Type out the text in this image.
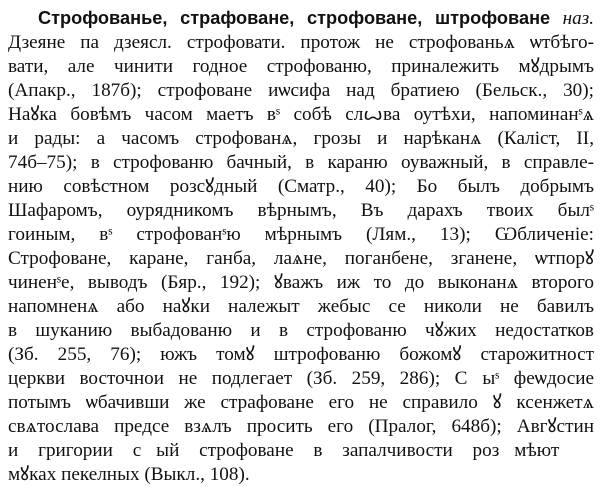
Строфованье, страфоване, строфоване, штрофоване наз.
Дзеяне па дзеясл. строфовати. протож не строфованьѧ ѡтбѣго-
вати, але чинити годное строфованю, приналежить мꙋдрымъ
(Апакр., 187б); строфоване иѡсифа над братиею (Бельск., 30);
Наꙋка бовѣмъ часом маетъ вˢ собѣ слꙍва оутѣхи, напоминанˢѧ
и рады: а часомъ строфованѧ, грозы и нарѣканѧ (Каліст, II,
74б–75); в строфованю бачный, в караню оуважный, в справле-
нию совѣстном розсꙋдный (Сматр., 40); Бо былъ добрымъ
Шафаромъ, оурядникомъ вѣрнымъ, Въ дарахъ твоих былˢ
гоиным, вˢ строфованˢю мѣрнымъ (Лям., 13); Ѡбличеніе:
Строфоване, каране, ганба, лаѧне, поганбене, зганене, ѡтпорꙋ
чиненˢе, выводъ (Бяр., 192); ꙋважъ иж то до выконанѧ второго
напомненѧ або наꙋки належыт жебыс се николи не бавилъ
в шуканию выбадованю и в строфованю чꙋжих недостатков
(Зб. 255, 76); южъ томꙋ штрофованю божомꙋ старожитност
церкви восточнои не подлегает (Зб. 259, 286); Сⷮыˢ феѡдосие
потымъ ѡбачивши же страфоване его не справило ꙋ ксенжетѧ
свѧтослава предсе взѧлъ просить его (Пралог, 648б); Авгꙋстин
и григории сⷮый строфоване в запалчивости розꙋмѣют ꙋ
мꙋках пекелных (Выкл., 108).
